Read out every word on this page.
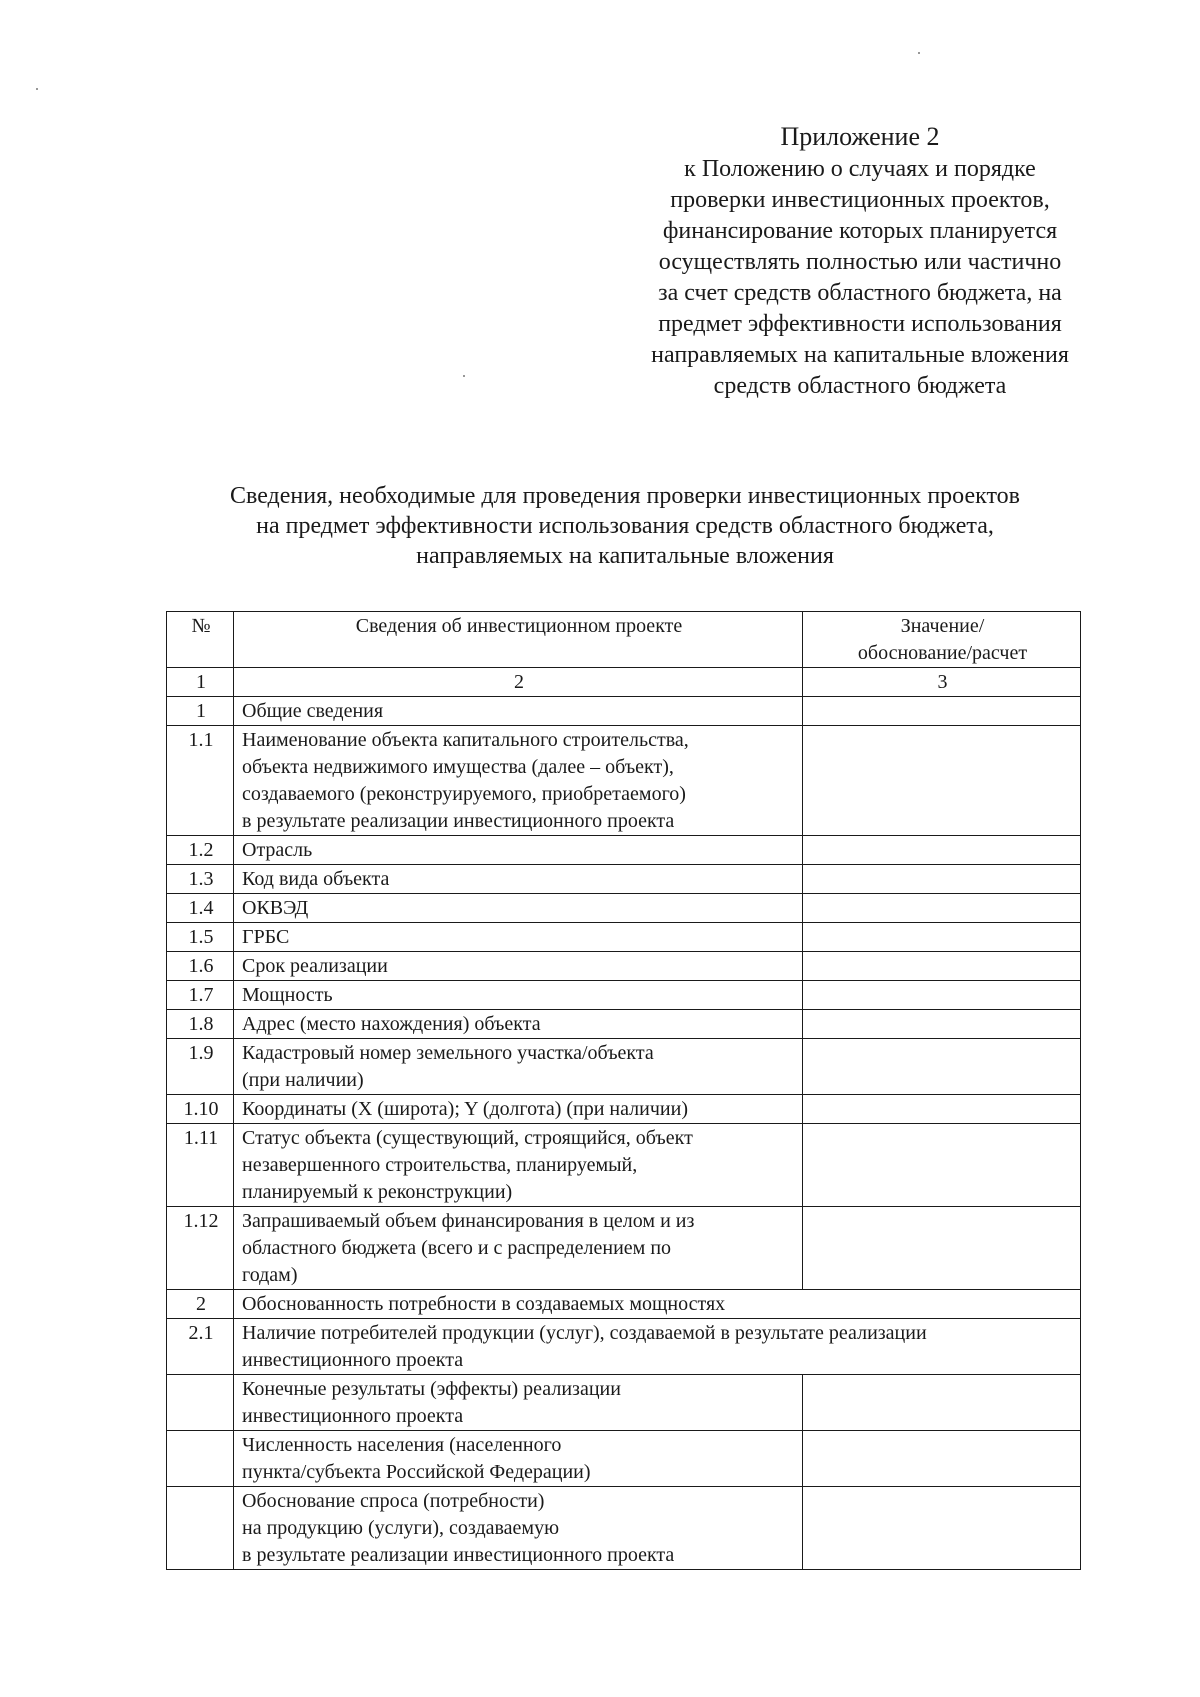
Приложение 2
к Положению о случаях и порядке
проверки инвестиционных проектов,
финансирование которых планируется
осуществлять полностью или частично
за счет средств областного бюджета, на
предмет эффективности использования
направляемых на капитальные вложения
средств областного бюджета
Сведения, необходимые для проведения проверки инвестиционных проектов
на предмет эффективности использования средств областного бюджета,
направляемых на капитальные вложения
№	Сведения об инвестиционном проекте	Значение/
обоснование/расчет

1	2	3
1	Общие сведения	

1.1	Наименование объекта капитального строительства,
объекта недвижимого имущества (далее – объект),
создаваемого (реконструируемого, приобретаемого)
в результате реализации инвестиционного проекта	

1.2	Отрасль	

1.3	Код вида объекта	

1.4	ОКВЭД	

1.5	ГРБС	

1.6	Срок реализации	

1.7	Мощность	

1.8	Адрес (место нахождения) объекта	

1.9	Кадастровый номер земельного участка/объекта
(при наличии)	

1.10	Координаты (X (широта); Y (долгота) (при наличии)	

1.11	Статус объекта (существующий, строящийся, объект
незавершенного строительства, планируемый,
планируемый к реконструкции)	

1.12	Запрашиваемый объем финансирования в целом и из
областного бюджета (всего и с распределением по
годам)	

2	Обоснованность потребности в создаваемых мощностях	

2.1	Наличие потребителей продукции (услуг), создаваемой в результате реализации
инвестиционного проекта	

	Конечные результаты (эффекты) реализации
инвестиционного проекта	

	Численность населения (населенного
пункта/субъекта Российской Федерации)	

	Обоснование спроса (потребности)
на продукцию (услуги), создаваемую
в результате реализации инвестиционного проекта	
